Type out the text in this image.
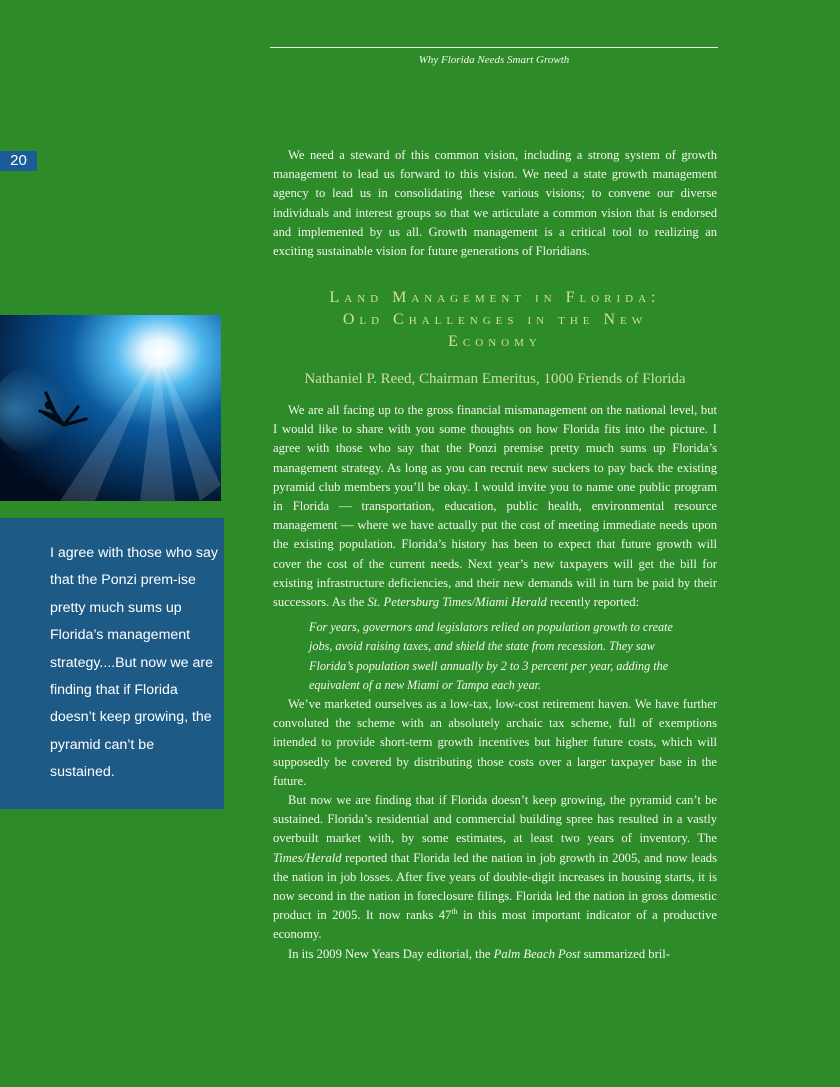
Why Florida Needs Smart Growth
20

I agree with those who say that the Ponzi prem-ise pretty much sums up Florida’s management strategy....But now we are finding that if Florida doesn’t keep growing, the pyramid can’t be sustained.

We need a steward of this common vision, including a strong system of growth management to lead us forward to this vision. We need a state growth management agency to lead us in consolidating these various visions; to convene our diverse individuals and interest groups so that we articulate a common vision that is endorsed and implemented by us all. Growth management is a critical tool to realizing an exciting sustainable vision for future generations of Floridians.

Land Management in Florida:
Old Challenges in the New
Economy
Nathaniel P. Reed, Chairman Emeritus, 1000 Friends of Florida

We are all facing up to the gross financial mismanagement on the national level, but I would like to share with you some thoughts on how Florida fits into the picture. I agree with those who say that the Ponzi premise pretty much sums up Florida’s management strategy. As long as you can recruit new suckers to pay back the existing pyramid club members you’ll be okay. I would invite you to name one public program in Florida — transportation, education, public health, environmental resource management — where we have actually put the cost of meeting immediate needs upon the existing population. Florida’s history has been to expect that future growth will cover the cost of the current needs. Next year’s new taxpayers will get the bill for existing infrastructure deficiencies, and their new demands will in turn be paid by their successors. As the St. Petersburg Times/Miami Herald recently reported:

For years, governors and legislators relied on population growth to create jobs, avoid raising taxes, and shield the state from recession. They saw Florida’s population swell annually by 2 to 3 percent per year, adding the equivalent of a new Miami or Tampa each year.

We’ve marketed ourselves as a low-tax, low-cost retirement haven. We have further convoluted the scheme with an absolutely archaic tax scheme, full of exemptions intended to provide short-term growth incentives but higher future costs, which will supposedly be covered by distributing those costs over a larger taxpayer base in the future.

But now we are finding that if Florida doesn’t keep growing, the pyramid can’t be sustained. Florida’s residential and commercial building spree has resulted in a vastly overbuilt market with, by some estimates, at least two years of inventory. The Times/Herald reported that Florida led the nation in job growth in 2005, and now leads the nation in job losses. After five years of double-digit increases in housing starts, it is now second in the nation in foreclosure filings. Florida led the nation in gross domestic product in 2005. It now ranks 47th in this most important indicator of a productive economy.

In its 2009 New Years Day editorial, the Palm Beach Post summarized bril-
